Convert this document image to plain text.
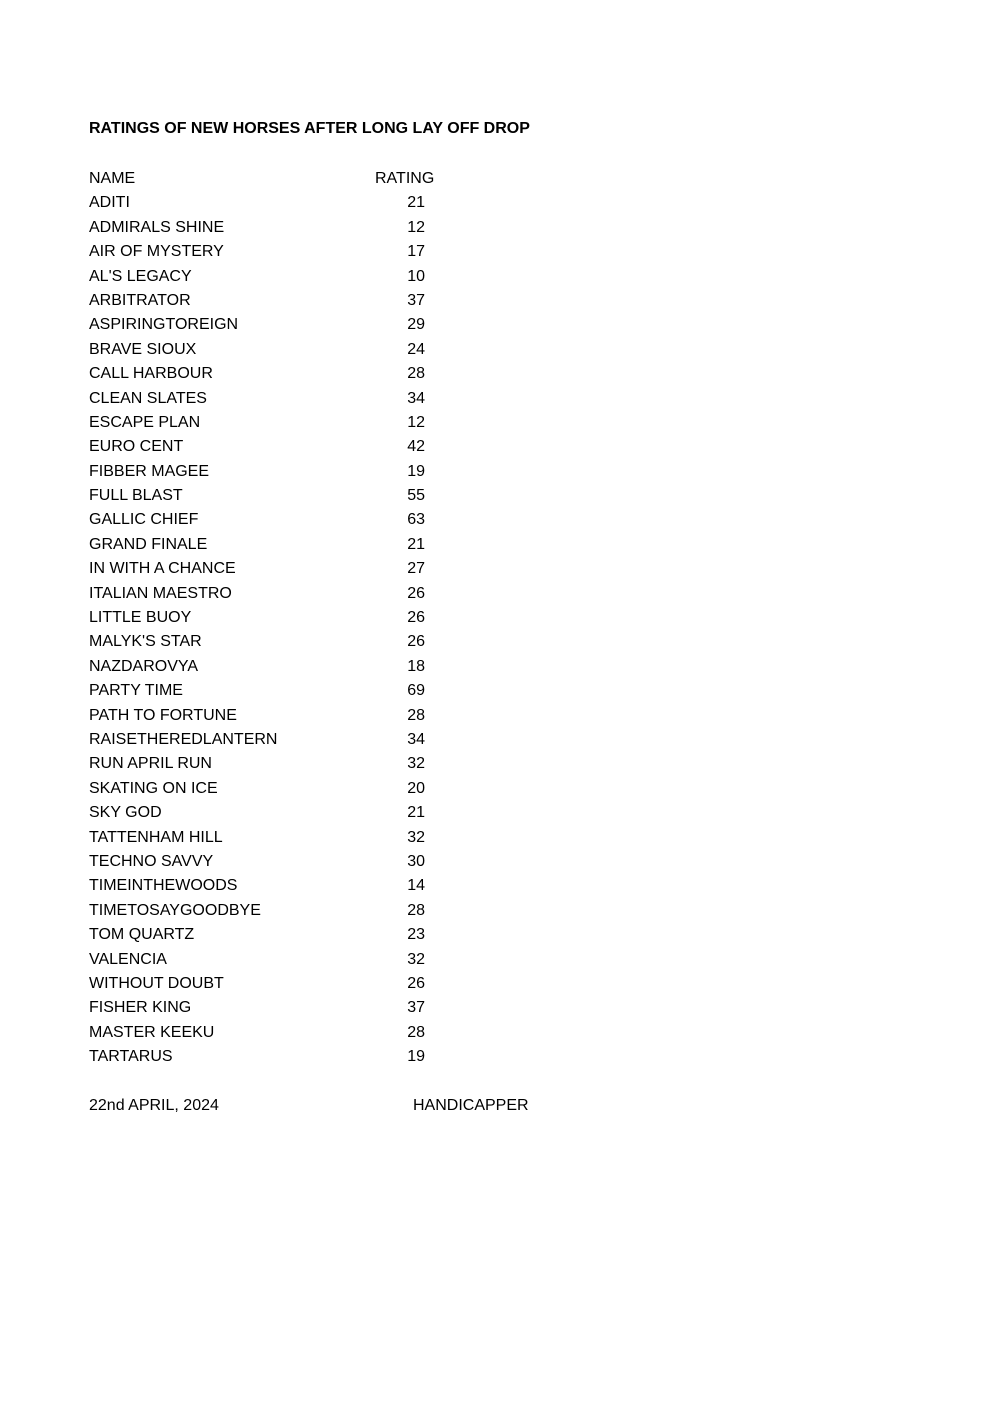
RATINGS OF NEW HORSES AFTER LONG LAY OFF DROP
NAME	RATING
ADITI	21
ADMIRALS SHINE	12
AIR OF MYSTERY	17
AL'S LEGACY	10
ARBITRATOR	37
ASPIRINGTOREIGN	29
BRAVE SIOUX	24
CALL HARBOUR	28
CLEAN SLATES	34
ESCAPE PLAN	12
EURO CENT	42
FIBBER MAGEE	19
FULL BLAST	55
GALLIC CHIEF	63
GRAND FINALE	21
IN WITH A CHANCE	27
ITALIAN MAESTRO	26
LITTLE BUOY	26
MALYK'S STAR	26
NAZDAROVYA	18
PARTY TIME	69
PATH TO FORTUNE	28
RAISETHEREDLANTERN	34
RUN APRIL RUN	32
SKATING ON ICE	20
SKY GOD	21
TATTENHAM HILL	32
TECHNO SAVVY	30
TIMEINTHEWOODS	14
TIMETOSAYGOODBYE	28
TOM QUARTZ	23
VALENCIA	32
WITHOUT DOUBT	26
FISHER KING	37
MASTER KEEKU	28
TARTARUS	19
22nd APRIL, 2024	HANDICAPPER
